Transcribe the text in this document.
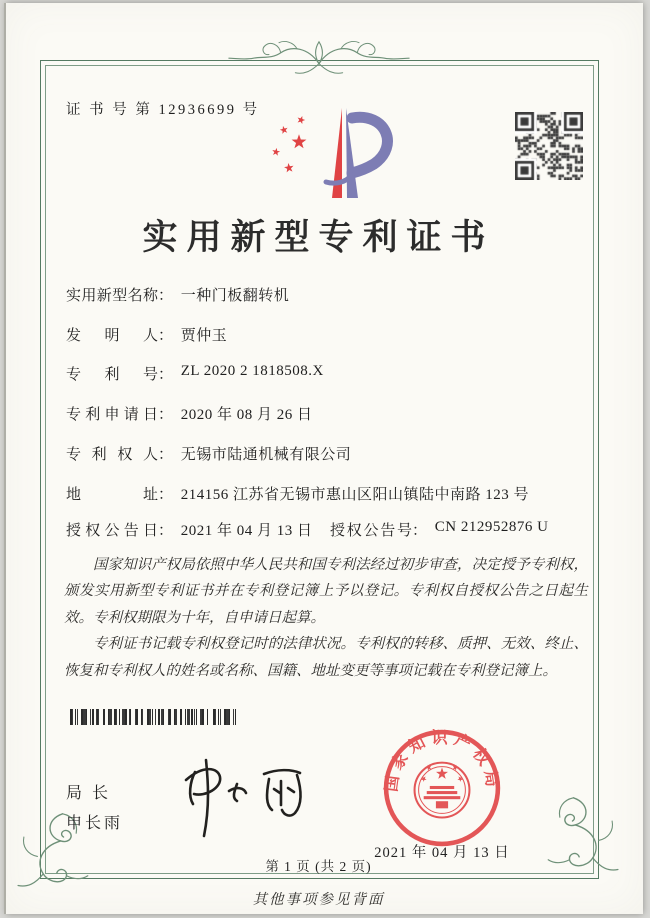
证 书 号 第 12936699 号
实用新型专利证书
实用新型名称： 一种门板翻转机
发明人： 贾仲玉
专利号： ZL 2020 2 1818508.X
专利申请日： 2020 年 08 月 26 日
专利权人： 无锡市陆通机械有限公司
地址： 214156 江苏省无锡市惠山区阳山镇陆中南路 123 号
授权公告日： 2021 年 04 月 13 日 授权公告号： CN 212952876 U

国家知识产权局依照中华人民共和国专利法经过初步审查，决定授予专利权，颁发实用新型专利证书并在专利登记簿上予以登记。专利权自授权公告之日起生效。专利权期限为十年，自申请日起算。

专利证书记载专利权登记时的法律状况。专利权的转移、质押、无效、终止、恢复和专利权人的姓名或名称、国籍、地址变更等事项记载在专利登记簿上。

局 长
申长雨
国家知识产权局
2021 年 04 月 13 日
第 1 页 (共 2 页)
其他事项参见背面
